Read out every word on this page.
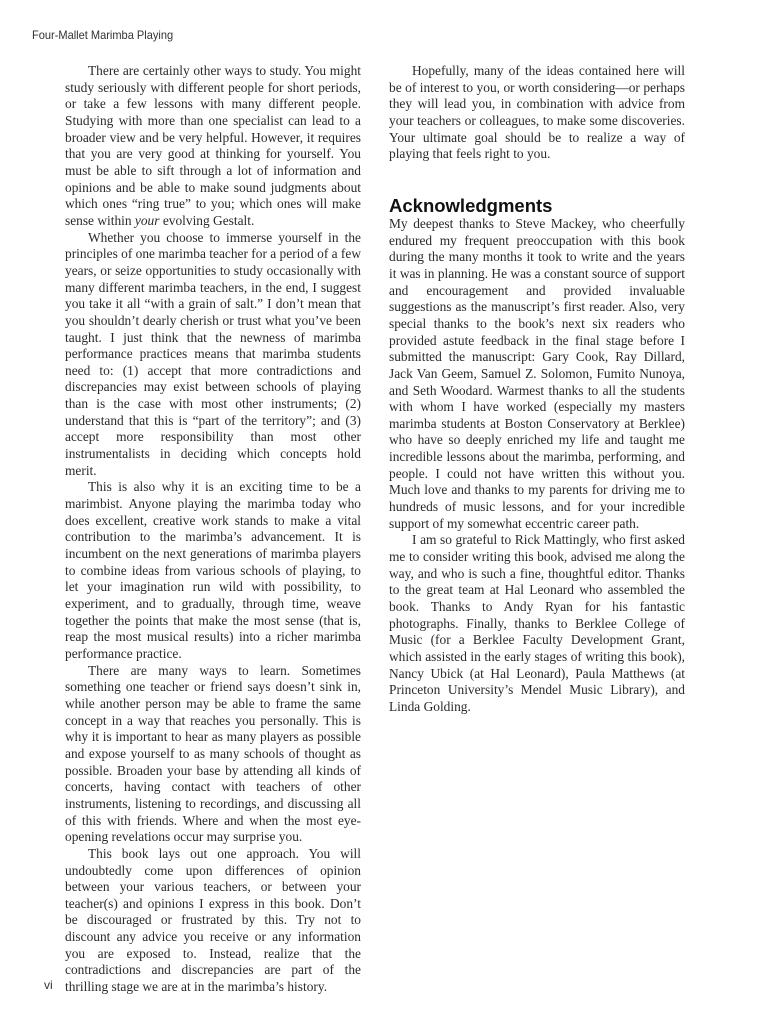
Four-Mallet Marimba Playing

There are certainly other ways to study. You might study seriously with different people for short periods, or take a few lessons with many different people. Studying with more than one specialist can lead to a broader view and be very helpful. However, it requires that you are very good at thinking for yourself. You must be able to sift through a lot of information and opinions and be able to make sound judgments about which ones “ring true” to you; which ones will make sense within your evolving Gestalt.

Whether you choose to immerse yourself in the principles of one marimba teacher for a period of a few years, or seize opportunities to study occasionally with many different marimba teachers, in the end, I suggest you take it all “with a grain of salt.” I don’t mean that you shouldn’t dearly cherish or trust what you’ve been taught. I just think that the newness of marimba performance practices means that marimba students need to: (1) accept that more contradictions and discrepancies may exist between schools of playing than is the case with most other instruments; (2) understand that this is “part of the territory”; and (3) accept more responsibility than most other instrumentalists in deciding which concepts hold merit.

This is also why it is an exciting time to be a marimbist. Anyone playing the marimba today who does excellent, creative work stands to make a vital contribution to the marimba’s advancement. It is incumbent on the next generations of marimba players to combine ideas from various schools of playing, to let your imagination run wild with possibility, to experiment, and to gradually, through time, weave together the points that make the most sense (that is, reap the most musical results) into a richer marimba performance practice.

There are many ways to learn. Sometimes something one teacher or friend says doesn’t sink in, while another person may be able to frame the same concept in a way that reaches you personally. This is why it is important to hear as many players as possible and expose yourself to as many schools of thought as possible. Broaden your base by attending all kinds of concerts, having contact with teachers of other instruments, listening to recordings, and discussing all of this with friends. Where and when the most eye-opening revelations occur may surprise you.

This book lays out one approach. You will undoubtedly come upon differences of opinion between your various teachers, or between your teacher(s) and opinions I express in this book. Don’t be discouraged or frustrated by this. Try not to discount any advice you receive or any information you are exposed to. Instead, realize that the contradictions and discrepancies are part of the thrilling stage we are at in the marimba’s history.

Hopefully, many of the ideas contained here will be of interest to you, or worth considering—or perhaps they will lead you, in combination with advice from your teachers or colleagues, to make some discoveries. Your ultimate goal should be to realize a way of playing that feels right to you.

Acknowledgments

My deepest thanks to Steve Mackey, who cheerfully endured my frequent preoccupation with this book during the many months it took to write and the years it was in planning. He was a constant source of support and encouragement and provided invaluable suggestions as the manuscript’s first reader. Also, very special thanks to the book’s next six readers who provided astute feedback in the final stage before I submitted the manuscript: Gary Cook, Ray Dillard, Jack Van Geem, Samuel Z. Solomon, Fumito Nunoya, and Seth Woodard. Warmest thanks to all the students with whom I have worked (especially my masters marimba students at Boston Conservatory at Berklee) who have so deeply enriched my life and taught me incredible lessons about the marimba, performing, and people. I could not have written this without you. Much love and thanks to my parents for driving me to hundreds of music lessons, and for your incredible support of my somewhat eccentric career path.

I am so grateful to Rick Mattingly, who first asked me to consider writing this book, advised me along the way, and who is such a fine, thoughtful editor. Thanks to the great team at Hal Leonard who assembled the book. Thanks to Andy Ryan for his fantastic photographs. Finally, thanks to Berklee College of Music (for a Berklee Faculty Development Grant, which assisted in the early stages of writing this book), Nancy Ubick (at Hal Leonard), Paula Matthews (at Princeton University’s Mendel Music Library), and Linda Golding.

vi
